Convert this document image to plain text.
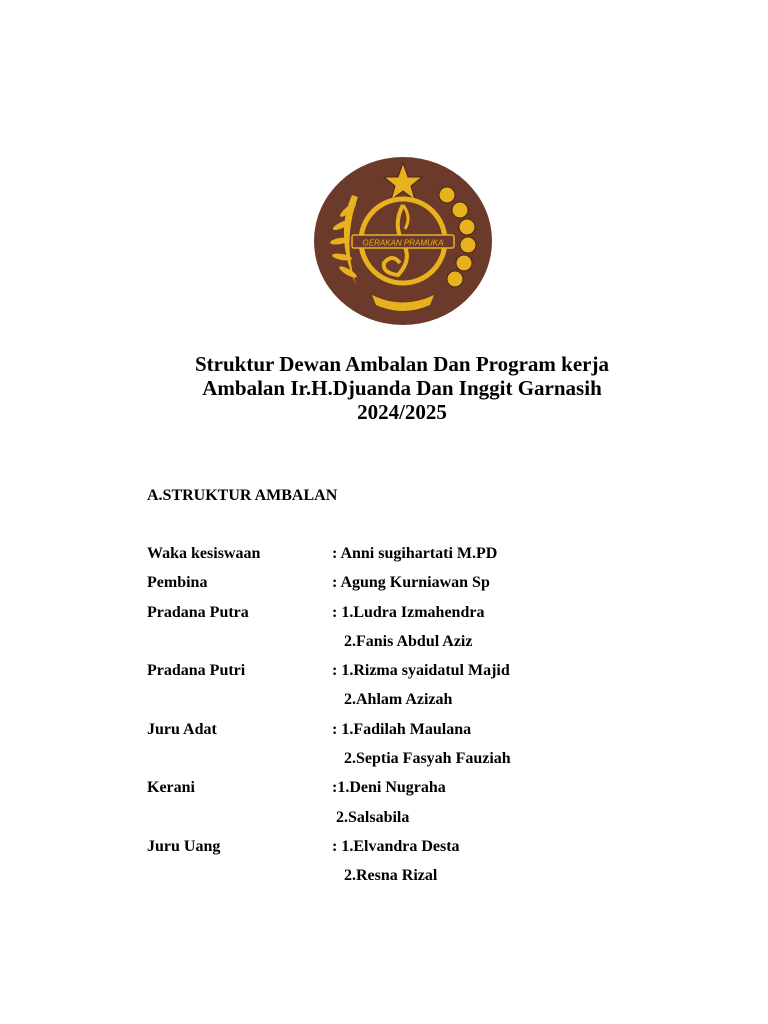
GERAKAN PRAMUKA
Struktur Dewan Ambalan Dan Program kerja
Ambalan Ir.H.Djuanda Dan Inggit Garnasih
2024/2025
A.STRUKTUR AMBALAN
Waka kesiswaan	: Anni sugihartati M.PD
Pembina	: Agung Kurniawan Sp
Pradana Putra	: 1.Ludra Izmahendra
2.Fanis Abdul Aziz
Pradana Putri	: 1.Rizma syaidatul Majid
2.Ahlam Azizah
Juru Adat	: 1.Fadilah Maulana
2.Septia Fasyah Fauziah
Kerani	:1.Deni Nugraha
2.Salsabila
Juru Uang	: 1.Elvandra Desta
2.Resna Rizal
